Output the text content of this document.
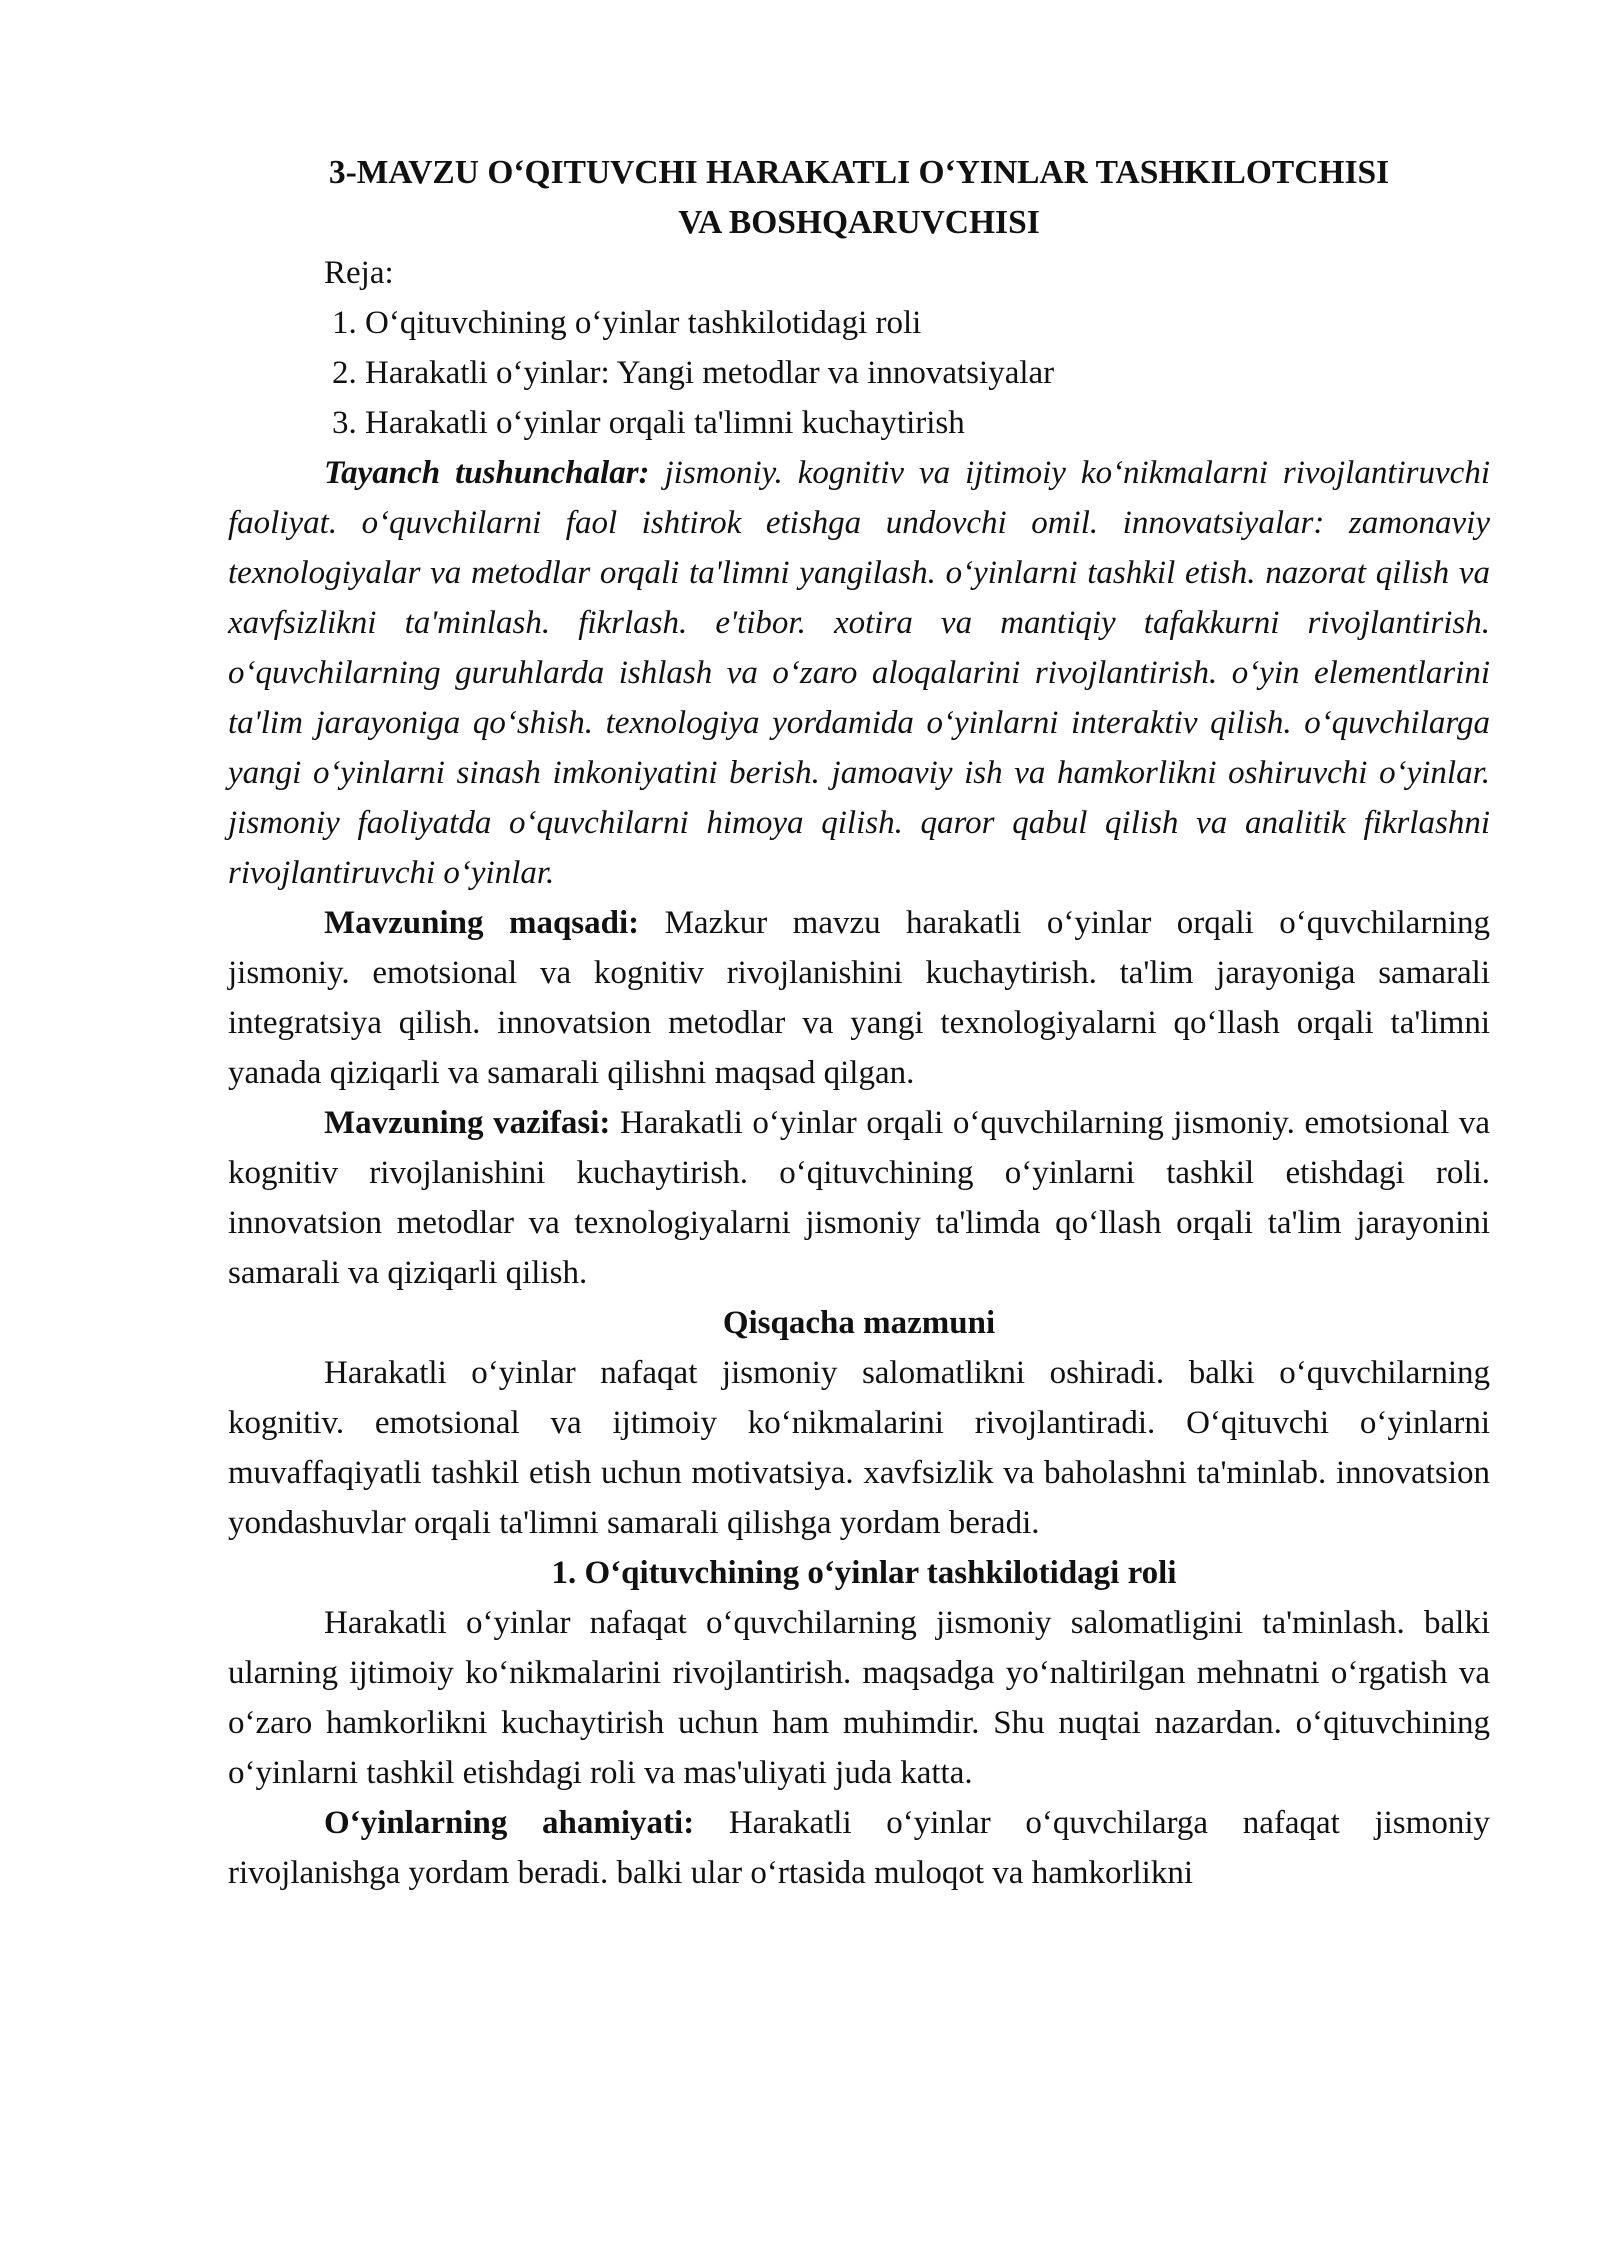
3-MAVZU O‘QITUVCHI HARAKATLI O‘YINLAR TASHKILOTCHISI
VA BOSHQARUVCHISI
Reja:
1. O‘qituvchining o‘yinlar tashkilotidagi roli
2. Harakatli o‘yinlar: Yangi metodlar va innovatsiyalar
3. Harakatli o‘yinlar orqali ta'limni kuchaytirish

Tayanch tushunchalar: jismoniy. kognitiv va ijtimoiy ko‘nikmalarni rivojlantiruvchi faoliyat. o‘quvchilarni faol ishtirok etishga undovchi omil. innovatsiyalar: zamonaviy texnologiyalar va metodlar orqali ta'limni yangilash. o‘yinlarni tashkil etish. nazorat qilish va xavfsizlikni ta'minlash. fikrlash. e'tibor. xotira va mantiqiy tafakkurni rivojlantirish. o‘quvchilarning guruhlarda ishlash va o‘zaro aloqalarini rivojlantirish. o‘yin elementlarini ta'lim jarayoniga qo‘shish. texnologiya yordamida o‘yinlarni interaktiv qilish. o‘quvchilarga yangi o‘yinlarni sinash imkoniyatini berish. jamoaviy ish va hamkorlikni oshiruvchi o‘yinlar. jismoniy faoliyatda o‘quvchilarni himoya qilish. qaror qabul qilish va analitik fikrlashni rivojlantiruvchi o‘yinlar.

Mavzuning maqsadi: Mazkur mavzu harakatli o‘yinlar orqali o‘quvchilarning jismoniy. emotsional va kognitiv rivojlanishini kuchaytirish. ta'lim jarayoniga samarali integratsiya qilish. innovatsion metodlar va yangi texnologiyalarni qo‘llash orqali ta'limni yanada qiziqarli va samarali qilishni maqsad qilgan.

Mavzuning vazifasi: Harakatli o‘yinlar orqali o‘quvchilarning jismoniy. emotsional va kognitiv rivojlanishini kuchaytirish. o‘qituvchining o‘yinlarni tashkil etishdagi roli. innovatsion metodlar va texnologiyalarni jismoniy ta'limda qo‘llash orqali ta'lim jarayonini samarali va qiziqarli qilish.

Qisqacha mazmuni

Harakatli o‘yinlar nafaqat jismoniy salomatlikni oshiradi. balki o‘quvchilarning kognitiv. emotsional va ijtimoiy ko‘nikmalarini rivojlantiradi. O‘qituvchi o‘yinlarni muvaffaqiyatli tashkil etish uchun motivatsiya. xavfsizlik va baholashni ta'minlab. innovatsion yondashuvlar orqali ta'limni samarali qilishga yordam beradi.

1. O‘qituvchining o‘yinlar tashkilotidagi roli

Harakatli o‘yinlar nafaqat o‘quvchilarning jismoniy salomatligini ta'minlash. balki ularning ijtimoiy ko‘nikmalarini rivojlantirish. maqsadga yo‘naltirilgan mehnatni o‘rgatish va o‘zaro hamkorlikni kuchaytirish uchun ham muhimdir. Shu nuqtai nazardan. o‘qituvchining o‘yinlarni tashkil etishdagi roli va mas'uliyati juda katta.

O‘yinlarning ahamiyati: Harakatli o‘yinlar o‘quvchilarga nafaqat jismoniy rivojlanishga yordam beradi. balki ular o‘rtasida muloqot va hamkorlikni
